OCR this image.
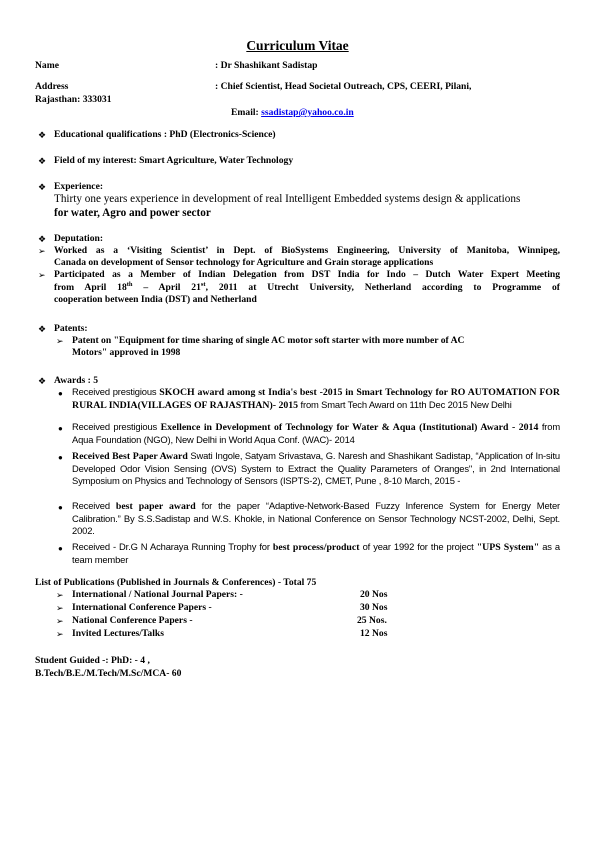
Curriculum Vitae
Name	: Dr Shashikant Sadistap
Address	: Chief Scientist, Head Societal Outreach, CPS, CEERI, Pilani,
Rajasthan: 333031
Email: ssadistap@yahoo.co.in
❖ Educational qualifications : PhD (Electronics-Science)
❖ Field of my interest: Smart Agriculture, Water Technology
❖ Experience:
Thirty one years experience in development of real Intelligent Embedded systems design & applications
for water, Agro and power sector
❖ Deputation:
➢ Worked as a ‘Visiting Scientist’ in Dept. of BioSystems Engineering, University of Manitoba, Winnipeg,
Canada on development of Sensor technology for Agriculture and Grain storage applications
➢ Participated as a Member of Indian Delegation from DST India for Indo – Dutch Water Expert Meeting
from April 18th – April 21st, 2011 at Utrecht University, Netherland according to Programme of
cooperation between India (DST) and Netherland
❖ Patents:
➢ Patent on "Equipment for time sharing of single AC motor soft starter with more number of AC
Motors" approved in 1998
❖ Awards : 5
● Received prestigious SKOCH award among st India's best -2015 in Smart Technology for RO AUTOMATION FOR RURAL INDIA(VILLAGES OF RAJASTHAN)- 2015 from Smart Tech Award on 11th Dec 2015 New Delhi
● Received prestigious Exellence in Development of Technology for Water & Aqua (Institutional) Award - 2014 from Aqua Foundation (NGO), New Delhi in World Aqua Conf. (WAC)- 2014
● Received Best Paper Award Swati Ingole, Satyam Srivastava, G. Naresh and Shashikant Sadistap, “Application of In-situ Developed Odor Vision Sensing (OVS) System to Extract the Quality Parameters of Oranges", in 2nd International Symposium on Physics and Technology of Sensors (ISPTS-2), CMET, Pune , 8-10 March, 2015 -
● Received best paper award for the paper “Adaptive-Network-Based Fuzzy Inference System for Energy Meter Calibration.” By S.S.Sadistap and W.S. Khokle, in National Conference on Sensor Technology NCST-2002, Delhi, Sept. 2002.
● Received - Dr.G N Acharaya Running Trophy for best process/product of year 1992 for the project "UPS System" as a team member
List of Publications (Published in Journals & Conferences) - Total 75
➢ International / National Journal Papers: -	20 Nos
➢ International Conference Papers -	30 Nos
➢ National Conference Papers -	25 Nos.
➢ Invited Lectures/Talks	12 Nos
Student Guided -: PhD: - 4 ,
B.Tech/B.E./M.Tech/M.Sc/MCA- 60
